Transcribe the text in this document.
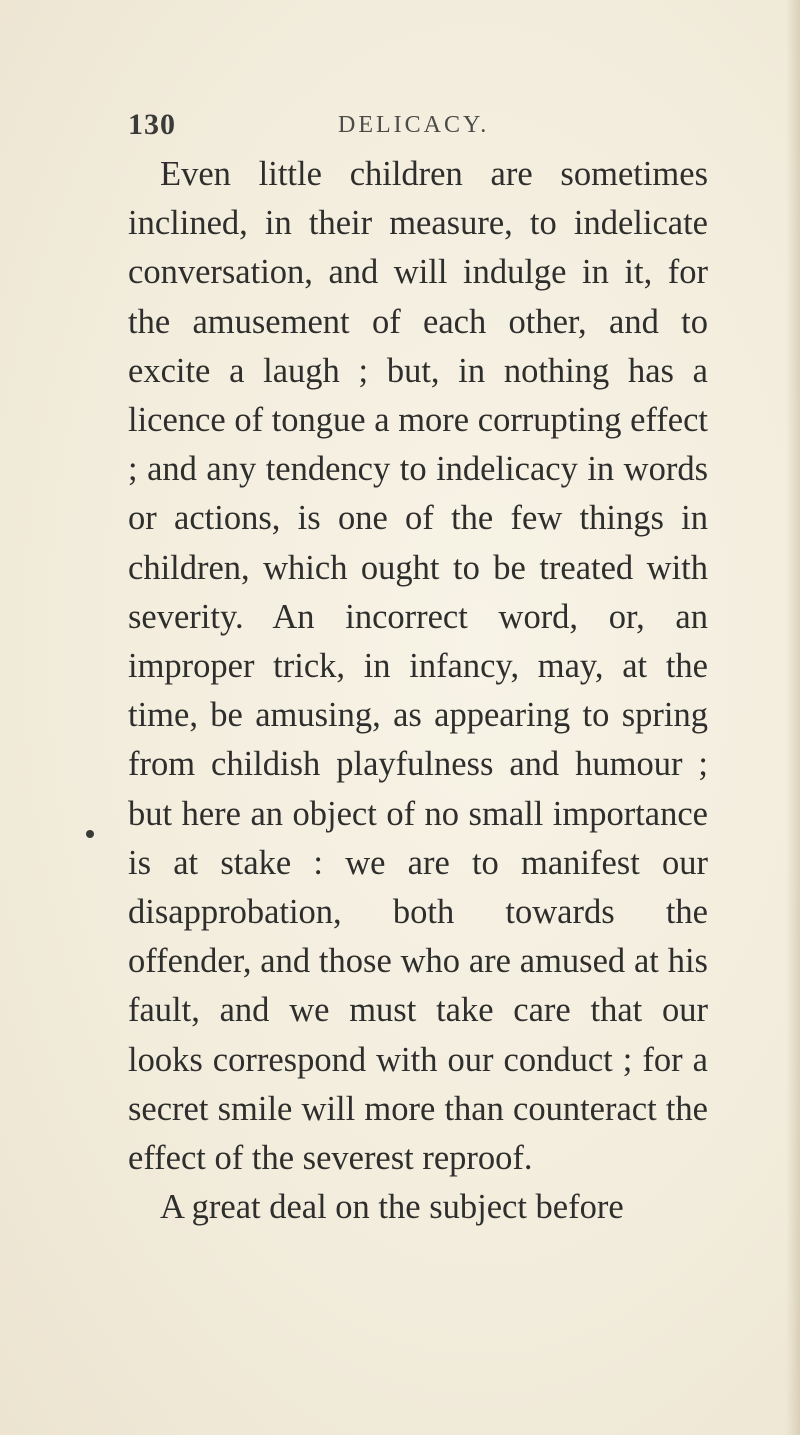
130	DELICACY.

Even little children are sometimes inclined, in their measure, to indelicate conversation, and will indulge in it, for the amusement of each other, and to excite a laugh ; but, in nothing has a licence of tongue a more corrupting effect ; and any tendency to indelicacy in words or actions, is one of the few things in children, which ought to be treated with severity. An incorrect word, or, an improper trick, in infancy, may, at the time, be amusing, as appearing to spring from childish playfulness and humour ; but here an object of no small importance is at stake : we are to manifest our disapprobation, both towards the offender, and those who are amused at his fault, and we must take care that our looks correspond with our conduct ; for a secret smile will more than counteract the effect of the severest reproof.

A great deal on the subject before
